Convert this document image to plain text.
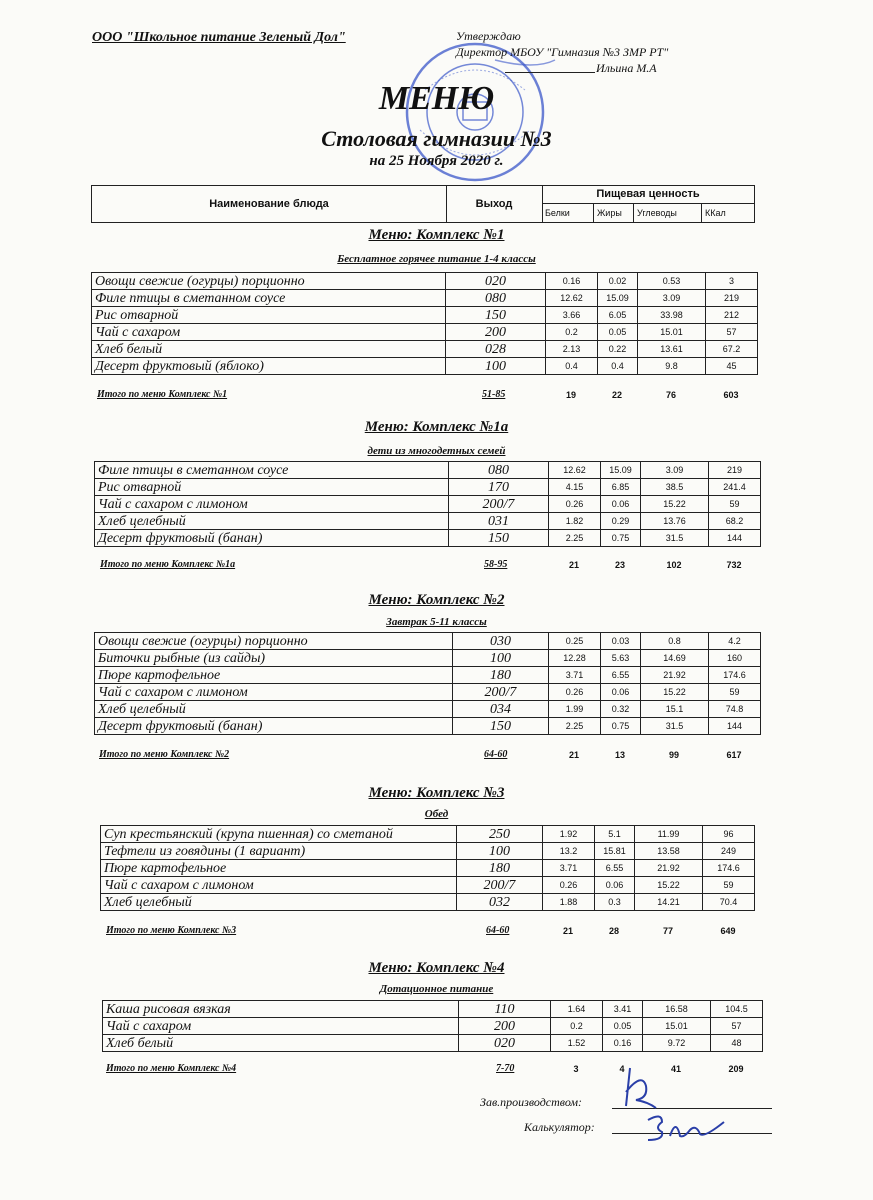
ООО "Школьное питание Зеленый Дол"	Утверждаю
Директор МБОУ "Гимназия №3 ЗМР РТ"
Ильина М.А
МЕНЮ
Столовая гимназии №3
на 25 Ноября 2020 г.
Наименование блюда	Выход
Пищевая ценность
Белки	Жиры	Углеводы	ККал
Меню: Комплекс №1
Бесплатное горячее питание 1-4 классы
Овощи свежие (огурцы) порционно	020	0.16	0.02	0.53	3
Филе птицы в сметанном соусе	080	12.62	15.09	3.09	219
Рис отварной	150	3.66	6.05	33.98	212
Чай с сахаром	200	0.2	0.05	15.01	57
Хлеб белый	028	2.13	0.22	13.61	67.2
Десерт фруктовый (яблоко)	100	0.4	0.4	9.8	45
Итого по меню Комплекс №1	51-85	19	22	76	603
Меню: Комплекс №1а
дети из многодетных семей
Филе птицы в сметанном соусе	080	12.62	15.09	3.09	219
Рис отварной	170	4.15	6.85	38.5	241.4
Чай с сахаром с лимоном	200/7	0.26	0.06	15.22	59
Хлеб целебный	031	1.82	0.29	13.76	68.2
Десерт фруктовый (банан)	150	2.25	0.75	31.5	144
Итого по меню Комплекс №1а	58-95	21	23	102	732
Меню: Комплекс №2
Завтрак 5-11 классы
Овощи свежие (огурцы) порционно	030	0.25	0.03	0.8	4.2
Биточки рыбные (из сайды)	100	12.28	5.63	14.69	160
Пюре картофельное	180	3.71	6.55	21.92	174.6
Чай с сахаром с лимоном	200/7	0.26	0.06	15.22	59
Хлеб целебный	034	1.99	0.32	15.1	74.8
Десерт фруктовый (банан)	150	2.25	0.75	31.5	144
Итого по меню Комплекс №2	64-60	21	13	99	617
Меню: Комплекс №3
Обед
Суп крестьянский (крупа пшенная) со сметаной	250	1.92	5.1	11.99	96
Тефтели из говядины (1 вариант)	100	13.2	15.81	13.58	249
Пюре картофельное	180	3.71	6.55	21.92	174.6
Чай с сахаром с лимоном	200/7	0.26	0.06	15.22	59
Хлеб целебный	032	1.88	0.3	14.21	70.4
Итого по меню Комплекс №3	64-60	21	28	77	649
Меню: Комплекс №4
Дотационное питание
Каша рисовая вязкая	110	1.64	3.41	16.58	104.5
Чай с сахаром	200	0.2	0.05	15.01	57
Хлеб белый	020	1.52	0.16	9.72	48
Итого по меню Комплекс №4	7-70	3	4	41	209
Зав.производством:
Калькулятор:
